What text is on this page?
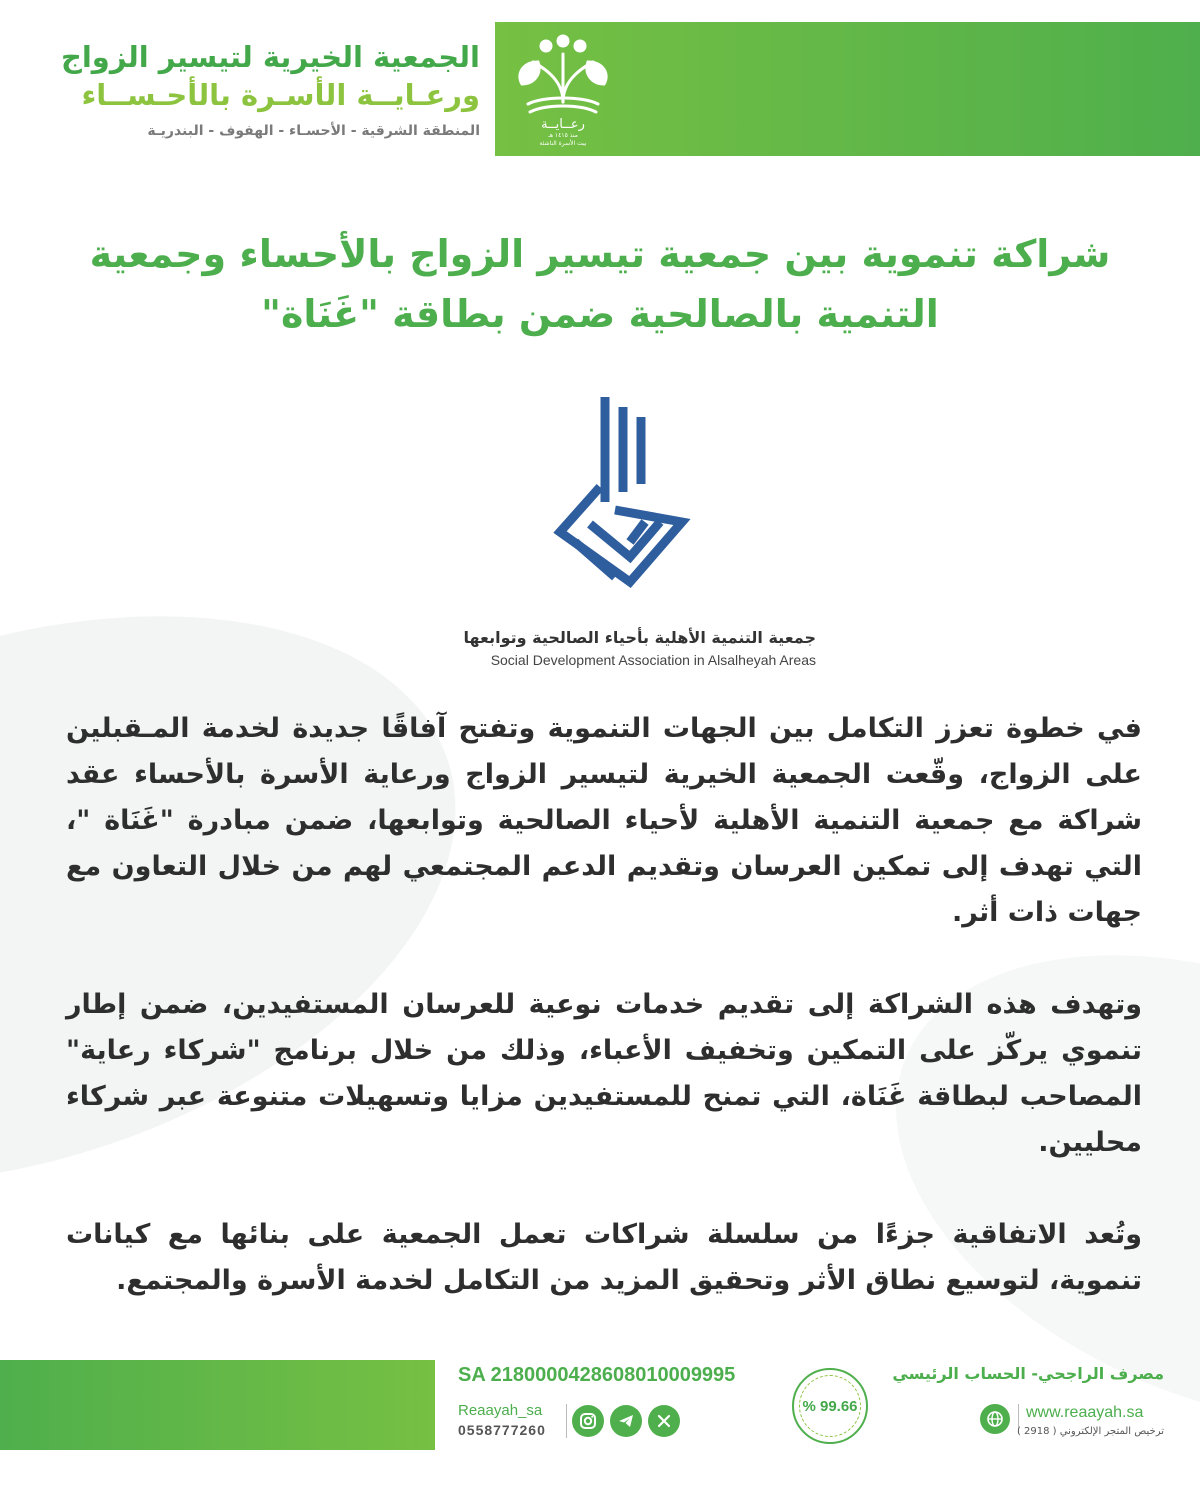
رعــايــة
منذ ١٤١٥ هـ
بيت الأسرة الناشئة
الجمعية الخيرية لتيسير الزواج
ورعـايــة الأسـرة بالأحـســاء
المنطقة الشرقية - الأحسـاء - الهفوف - البندريـة
شراكة تنموية بين جمعية تيسير الزواج بالأحساء وجمعية
التنمية بالصالحية ضمن بطاقة "غَنَاة"
جمعية التنمية الأهلية بأحياء الصالحية وتوابعها
Social Development Association in Alsalheyah Areas

في خطوة تعزز التكامل بين الجهات التنموية وتفتح آفاقًا جديدة لخدمة المـقبلين على الزواج، وقّعت الجمعية الخيرية لتيسير الزواج ورعاية الأسرة بالأحساء عقد شراكة مع جمعية التنمية الأهلية لأحياء الصالحية وتوابعها، ضمن مبادرة "غَنَاة "، التي تهدف إلى تمكين العرسان وتقديم الدعم المجتمعي لهم من خلال التعاون مع جهات ذات أثر.

وتهدف هذه الشراكة إلى تقديم خدمات نوعية للعرسان المستفيدين، ضمن إطار تنموي يركّز على التمكين وتخفيف الأعباء، وذلك من خلال برنامج "شركاء رعاية" المصاحب لبطاقة غَنَاة، التي تمنح للمستفيدين مزايا وتسهيلات متنوعة عبر شركاء محليين.

وتُعد الاتفاقية جزءًا من سلسلة شراكات تعمل الجمعية على بنائها مع كيانات تنموية، لتوسيع نطاق الأثر وتحقيق المزيد من التكامل لخدمة الأسرة والمجتمع.

SA 2180000428608010009995
Reaayah_sa
0558777260
% 99.66
مصرف الراجحي- الحساب الرئيسي
www.reaayah.sa
ترخيص المتجر الإلكتروني ( 2918 )
